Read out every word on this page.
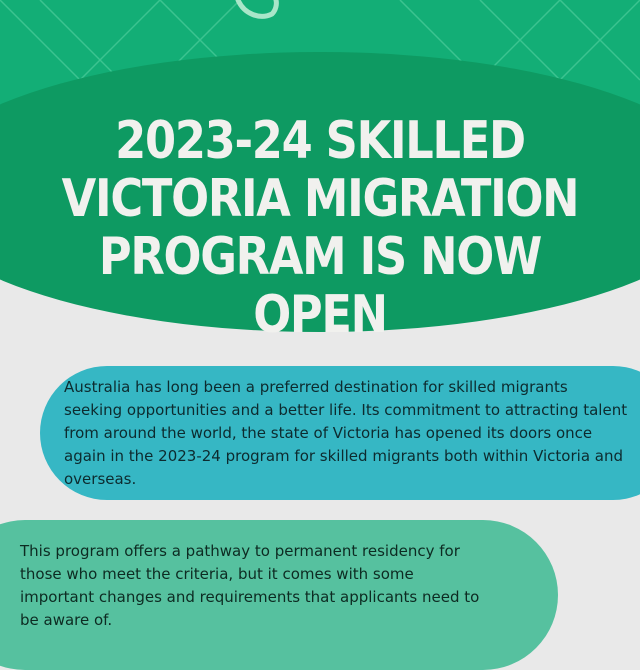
2023-24 SKILLED VICTORIA MIGRATION PROGRAM IS NOW OPEN

Australia has long been a preferred destination for skilled migrants seeking opportunities and a better life. Its commitment to attracting talent from around the world, the state of Victoria has opened its doors once again in the 2023-24 program for skilled migrants both within Victoria and overseas.

This program offers a pathway to permanent residency for those who meet the criteria, but it comes with some important changes and requirements that applicants need to be aware of.
